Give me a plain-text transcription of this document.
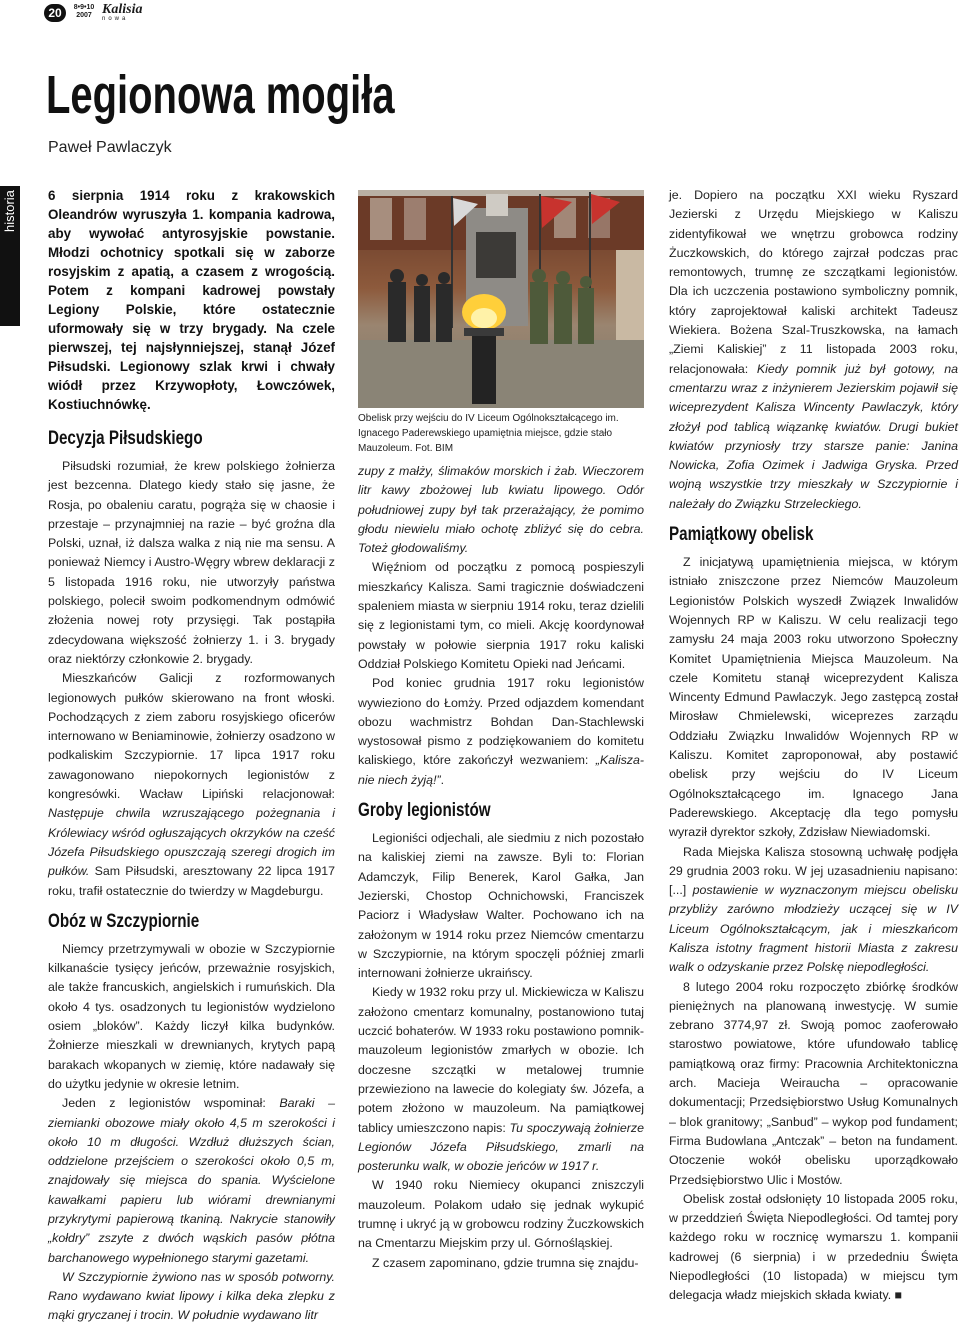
20	8•9•10
2007 Kalisia
nowa
Legionowa mogiła

Paweł Pawlaczyk

historia 6 sierpnia 1914 roku z krakowskich Oleandrów wyruszyła 1. kompania kadrowa, aby wywołać antyrosyjskie powstanie. Młodzi ochotnicy spotkali się w zaborze rosyjskim z apatią, a czasem z wrogością. Potem z kompani kadrowej powstały Legiony Polskie, które ostatecznie uformowały się w trzy brygady. Na czele pierwszej, tej najsłynniejszej, stanął Józef Piłsudski. Legionowy szlak krwi i chwały wiódł przez Krzywopłoty, Łowczówek, Kostiuchnówkę.

Decyzja Piłsudskiego

Piłsudski rozumiał, że krew polskiego żołnierza jest bezcenna. Dlatego kiedy stało się jasne, że Rosja, po obaleniu caratu, pogrąża się w chaosie i przestaje – przynajmniej na razie – być groźna dla Polski, uznał, iż dalsza walka z nią nie ma sensu. A ponieważ Niemcy i Austro-Węgry wbrew deklaracji z 5 listopada 1916 roku, nie utworzyły państwa polskiego, polecił swoim podkomendnym odmówić złożenia nowej roty przysięgi. Tak postąpiła zdecydowana większość żołnierzy 1. i 3. brygady oraz niektórzy członkowie 2. brygady.

Mieszkańców Galicji z rozformowanych legionowych pułków skierowano na front włoski. Pochodzących z ziem zaboru rosyjskiego oficerów internowano w Beniaminowie, żołnierzy osadzono w podkaliskim Szczypiornie. 17 lipca 1917 roku zawagonowano niepokornych legionistów z kongresówki. Wacław Lipiński relacjonował: Następuje chwila wzruszającego pożegnania i Królewiacy wśród ogłuszających okrzyków na cześć Józefa Piłsudskiego opuszczają szeregi drogich im pułków. Sam Piłsudski, aresztowany 22 lipca 1917 roku, trafił ostatecznie do twierdzy w Magdeburgu.

Obóz w Szczypiornie

Niemcy przetrzymywali w obozie w Szczypiornie kilkanaście tysięcy jeńców, przeważnie rosyjskich, ale także francuskich, angielskich i rumuńskich. Dla około 4 tys. osadzonych tu legionistów wydzielono osiem „bloków”. Każdy liczył kilka budynków. Żołnierze mieszkali w drewnianych, krytych papą barakach wkopanych w ziemię, które nadawały się do użytku jedynie w okresie letnim.

Jeden z legionistów wspominał: Baraki – ziemianki obozowe miały około 4,5 m szerokości i około 10 m długości. Wzdłuż dłuższych ścian, oddzielone przejściem o szerokości około 0,5 m, znajdowały się miejsca do spania. Wyścielone kawałkami papieru lub wiórami drewnianymi przykrytymi papierową tkaniną. Nakrycie stanowiły „kołdry” zszyte z dwóch wąskich pasów płótna barchanowego wypełnionego starymi gazetami.

W Szczypiornie żywiono nas w sposób potworny. Rano wydawano kwiat lipowy i kilka deka zlepku z mąki gryczanej i trocin. W południe wydawano litr

Obelisk przy wejściu do IV Liceum Ogólnokształcącego im. Ignacego Paderewskiego upamiętnia miejsce, gdzie stało Mauzoleum. Fot. BIM

zupy z małży, ślimaków morskich i żab. Wieczorem litr kawy zbożowej lub kwiatu lipowego. Odór południowej zupy był tak przerażający, że pomimo głodu niewielu miało ochotę zbliżyć się do cebra. Toteż głodowaliśmy.

Więźniom od początku z pomocą pospieszyli mieszkańcy Kalisza. Sami tragicznie doświadczeni spaleniem miasta w sierpniu 1914 roku, teraz dzielili się z legionistami tym, co mieli. Akcję koordynował powstały w połowie sierpnia 1917 roku kaliski Oddział Polskiego Komitetu Opieki nad Jeńcami.

Pod koniec grudnia 1917 roku legionistów wywieziono do Łomży. Przed odjazdem komendant obozu wachmistrz Bohdan Dan-Stachlewski wystosował pismo z podziękowaniem do komitetu kaliskiego, które zakończył wezwaniem: „Kalisza-nie niech żyją!”.

Groby legionistów

Legioniści odjechali, ale siedmiu z nich pozostało na kaliskiej ziemi na zawsze. Byli to: Florian Adamczyk, Filip Benerek, Karol Gałka, Jan Jezierski, Chostop Ochnichowski, Franciszek Paciorz i Władysław Walter. Pochowano ich na założonym w 1914 roku przez Niemców cmentarzu w Szczypiornie, na którym spoczęli później zmarli internowani żołnierze ukraińscy.

Kiedy w 1932 roku przy ul. Mickiewicza w Kaliszu założono cmentarz komunalny, postanowiono tutaj uczcić bohaterów. W 1933 roku postawiono pomnik-mauzoleum legionistów zmarłych w obozie. Ich doczesne szczątki w metalowej trumnie przewieziono na lawecie do kolegiaty św. Józefa, a potem złożono w mauzoleum. Na pamiątkowej tablicy umieszczono napis: Tu spoczywają żołnierze Legionów Józefa Piłsudskiego, zmarli na posterunku walk, w obozie jeńców w 1917 r.

W 1940 roku Niemiecy okupanci zniszczyli mauzoleum. Polakom udało się jednak wykupić trumnę i ukryć ją w grobowcu rodziny Żuczkowskich na Cmentarzu Miejskim przy ul. Górnośląskiej.

Z czasem zapominano, gdzie trumna się znajdu-

je. Dopiero na początku XXI wieku Ryszard Jezierski z Urzędu Miejskiego w Kaliszu zidentyfikował we wnętrzu grobowca rodziny Żuczkowskich, do którego zajrzał podczas prac remontowych, trumnę ze szczątkami legionistów. Dla ich uczczenia postawiono symboliczny pomnik, który zaprojektował kaliski architekt Tadeusz Wiekiera. Bożena Szal-Truszkowska, na łamach „Ziemi Kaliskiej” z 11 listopada 2003 roku, relacjonowała: Kiedy pomnik już był gotowy, na cmentarzu wraz z inżynierem Jezierskim pojawił się wiceprezydent Kalisza Wincenty Pawlaczyk, który złożył pod tablicą wiązankę kwiatów. Drugi bukiet kwiatów przyniosły trzy starsze panie: Janina Nowicka, Zofia Ozimek i Jadwiga Gryska. Przed wojną wszystkie trzy mieszkały w Szczypiornie i należały do Związku Strzeleckiego.

Pamiątkowy obelisk

Z inicjatywą upamiętnienia miejsca, w którym istniało zniszczone przez Niemców Mauzoleum Legionistów Polskich wyszedł Związek Inwalidów Wojennych RP w Kaliszu. W celu realizacji tego zamysłu 24 maja 2003 roku utworzono Społeczny Komitet Upamiętnienia Miejsca Mauzoleum. Na czele Komitetu stanął wiceprezydent Kalisza Wincenty Edmund Pawlaczyk. Jego zastępcą został Mirosław Chmielewski, wiceprezes zarządu Oddziału Związku Inwalidów Wojennych RP w Kaliszu. Komitet zaproponował, aby postawić obelisk przy wejściu do IV Liceum Ogólnokształcącego im. Ignacego Jana Paderewskiego. Akceptację dla tego pomysłu wyraził dyrektor szkoły, Zdzisław Niewiadomski.

Rada Miejska Kalisza stosowną uchwałę podjęła 29 grudnia 2003 roku. W jej uzasadnieniu napisano: [...] postawienie w wyznaczonym miejscu obelisku przybliży zarówno młodzieży uczącej się w IV Liceum Ogólnokształcącym, jak i mieszkańcom Kalisza istotny fragment historii Miasta z zakresu walk o odzyskanie przez Polskę niepodległości.

8 lutego 2004 roku rozpoczęto zbiórkę środków pieniężnych na planowaną inwestycję. W sumie zebrano 3774,97 zł. Swoją pomoc zaoferowało starostwo powiatowe, które ufundowało tablicę pamiątkową oraz firmy: Pracownia Architektoniczna arch. Macieja Weiraucha – opracowanie dokumentacji; Przedsiębiorstwo Usług Komunalnych – blok granitowy; „Sanbud” – wykop pod fundament; Firma Budowlana „Antczak” – beton na fundament. Otoczenie wokół obelisku uporządkowało Przedsiębiorstwo Ulic i Mostów.

Obelisk został odsłonięty 10 listopada 2005 roku, w przeddzień Święta Niepodległości. Od tamtej pory każdego roku w rocznicę wymarszu 1. kompanii kadrowej (6 sierpnia) i w przededniu Święta Niepodległości (10 listopada) w miejscu tym delegacja władz miejskich składa kwiaty. ■
